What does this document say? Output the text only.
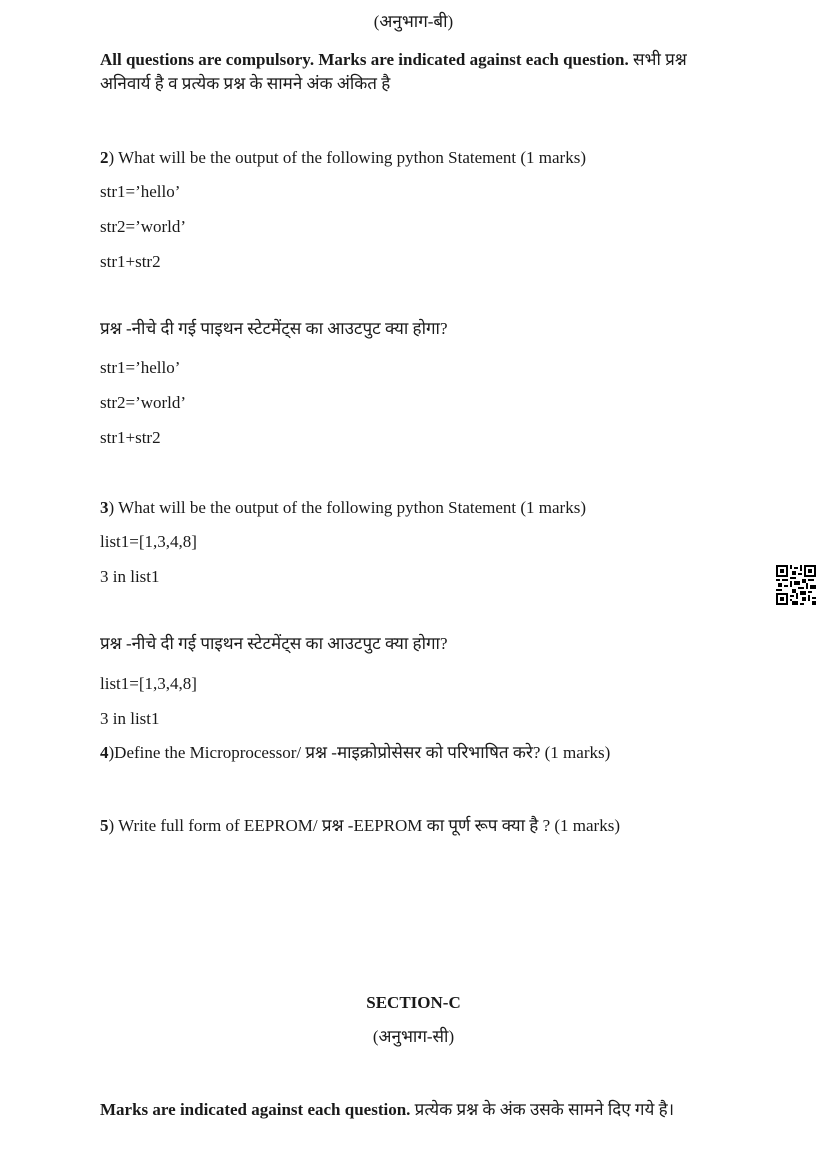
(अनुभाग-बी)
All questions are compulsory. Marks are indicated against each question. सभी प्रश्न
अनिवार्य है व प्रत्येक प्रश्न के सामने अंक अंकित है
2) What will be the output of the following python Statement (1 marks)
str1=’hello’
str2=’world’
str1+str2
प्रश्न -नीचे दी गई पाइथन स्टेटमेंट्स का आउटपुट क्या होगा?
str1=’hello’
str2=’world’
str1+str2
3) What will be the output of the following python Statement (1 marks)
list1=[1,3,4,8]
3 in list1
प्रश्न -नीचे दी गई पाइथन स्टेटमेंट्स का आउटपुट क्या होगा?
list1=[1,3,4,8]
3 in list1
4)Define the Microprocessor/ प्रश्न -माइक्रोप्रोसेसर को परिभाषित करे? (1 marks)
5) Write full form of EEPROM/ प्रश्न -EEPROM का पूर्ण रूप क्या है ? (1 marks)
SECTION-C
(अनुभाग-सी)
Marks are indicated against each question. प्रत्येक प्रश्न के अंक उसके सामने दिए गये है।
